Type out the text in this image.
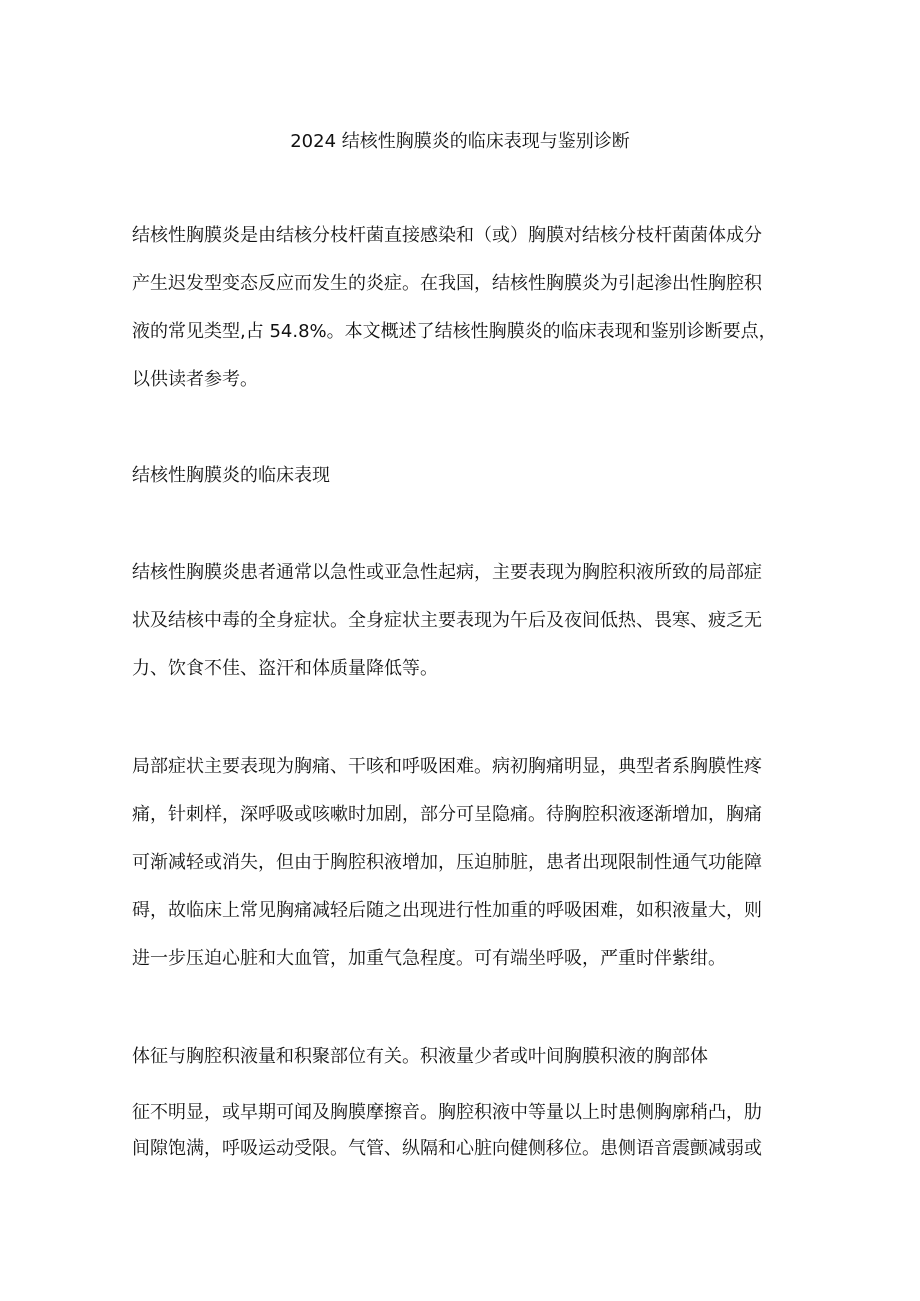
2024 结核性胸膜炎的临床表现与鉴别诊断
结核性胸膜炎是由结核分枝杆菌直接感染和（或）胸膜对结核分枝杆菌菌体成分
产生迟发型变态反应而发生的炎症。在我国，结核性胸膜炎为引起渗出性胸腔积
液的常见类型,占 54.8%。本文概述了结核性胸膜炎的临床表现和鉴别诊断要点，
以供读者参考。
结核性胸膜炎的临床表现
结核性胸膜炎患者通常以急性或亚急性起病，主要表现为胸腔积液所致的局部症
状及结核中毒的全身症状。全身症状主要表现为午后及夜间低热、畏寒、疲乏无
力、饮食不佳、盗汗和体质量降低等。
局部症状主要表现为胸痛、干咳和呼吸困难。病初胸痛明显，典型者系胸膜性疼
痛，针刺样，深呼吸或咳嗽时加剧，部分可呈隐痛。待胸腔积液逐渐增加，胸痛
可渐减轻或消失，但由于胸腔积液增加，压迫肺脏，患者出现限制性通气功能障
碍，故临床上常见胸痛减轻后随之出现进行性加重的呼吸困难，如积液量大，则
进一步压迫心脏和大血管，加重气急程度。可有端坐呼吸，严重时伴紫绀。
体征与胸腔积液量和积聚部位有关。积液量少者或叶间胸膜积液的胸部体
征不明显，或早期可闻及胸膜摩擦音。胸腔积液中等量以上时患侧胸廓稍凸，肋
间隙饱满，呼吸运动受限。气管、纵隔和心脏向健侧移位。患侧语音震颤减弱或
